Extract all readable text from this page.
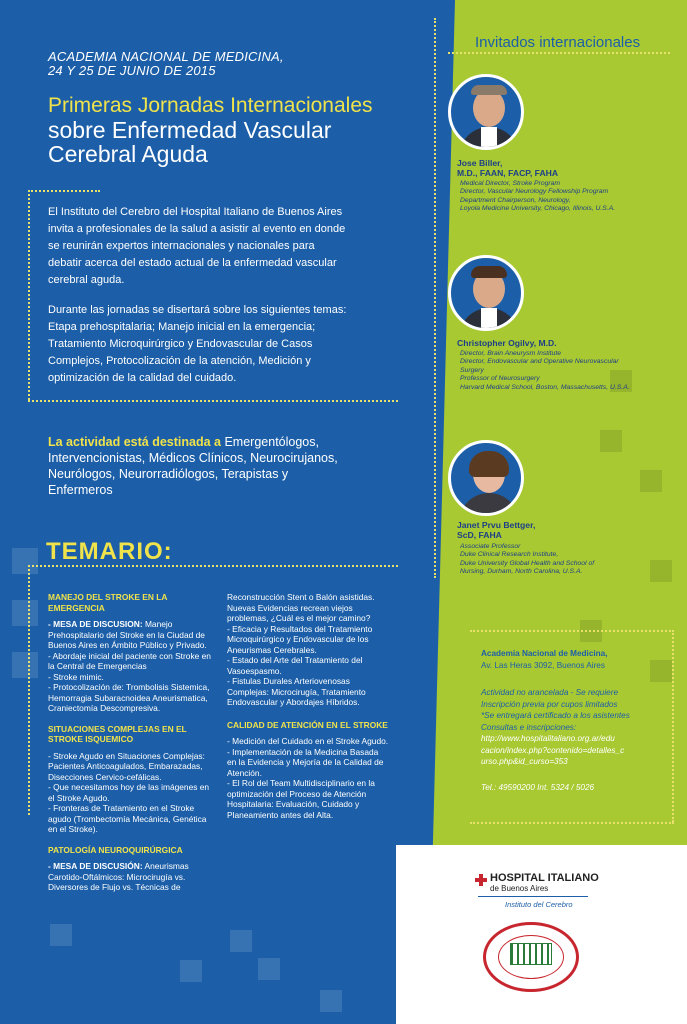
ACADEMIA NACIONAL DE MEDICINA,
24 Y 25 DE JUNIO DE 2015
Primeras Jornadas Internacionales
sobre Enfermedad Vascular
Cerebral Aguda
El Instituto del Cerebro del Hospital Italiano de Buenos Aires invita a profesionales de la salud a asistir al evento en donde se reunirán expertos internacionales y nacionales para debatir acerca del estado actual de la enfermedad vascular cerebral aguda.
Durante las jornadas se disertará sobre los siguientes temas: Etapa prehospitalaria; Manejo inicial en la emergencia; Tratamiento Microquirúrgico y Endovascular de Casos Complejos, Protocolización de la atención, Medición y optimización de la calidad del cuidado.
La actividad está destinada a Emergentólogos, Intervencionistas, Médicos Clínicos, Neurocirujanos, Neurólogos, Neurorradiólogos, Terapistas y Enfermeros
TEMARIO:
MANEJO DEL STROKE EN LA EMERGENCIA

- MESA DE DISCUSION: Manejo Prehospitalario del Stroke en la Ciudad de Buenos Aires en Ámbito Público y Privado.

- Abordaje inicial del paciente con Stroke en la Central de Emergencias

- Stroke mimic.

- Protocolización de: Trombolisis Sistemica, Hemorragia Subaracnoidea Aneurismatica, Craniectomía Descompresiva.

SITUACIONES COMPLEJAS EN EL STROKE ISQUEMICO

- Stroke Agudo en Situaciones Complejas: Pacientes Anticoagulados, Embarazadas, Disecciones Cervico-cefálicas.

- Que necesitamos hoy de las imágenes en el Stroke Agudo.

- Fronteras de Tratamiento en el Stroke agudo (Trombectomía Mecánica, Genética en el Stroke).

PATOLOGÍA NEUROQUIRÚRGICA

- MESA DE DISCUSIÓN: Aneurismas Carotido-Oftálmicos: Microcirugía vs. Diversores de Flujo vs. Técnicas de

Reconstrucción Stent o Balón asistidas.

Nuevas Evidencias recrean viejos problemas, ¿Cuál es el mejor camino?

- Eficacia y Resultados del Tratamiento Microquirúrgico y Endovascular de los Aneurismas Cerebrales.

- Estado del Arte del Tratamiento del Vasoespasmo.

- Fistulas Durales Arteriovenosas Complejas: Microcirugía, Tratamiento Endovascular y Abordajes Híbridos.

CALIDAD DE ATENCIÓN EN EL STROKE

- Medición del Cuidado en el Stroke Agudo.

- Implementación de la Medicina Basada en la Evidencia y Mejoría de la Calidad de Atención.

- El Rol del Team Multidisciplinario en la optimización del Proceso de Atención Hospitalaria: Evaluación, Cuidado y Planeamiento antes del Alta.

Invitados internacionales
Jose Biller,
M.D., FAAN, FACP, FAHA
Medical Director, Stroke Program
Director, Vascular Neurology Fellowship Program
Department Chairperson, Neurology,
Loyola Medicine University, Chicago, Illinois, U.S.A.
Christopher Ogilvy, M.D.
Director, Brain Aneurysm Institute
Director, Endovascular and Operative Neurovascular
Surgery
Professor of Neurosurgery
Harvard Medical School, Boston, Massachusetts, U.S.A.
Janet Prvu Bettger,
ScD, FAHA
Associate Professor
Duke Clinical Research Institute,
Duke University Global Health and School of
Nursing, Durham, North Carolina, U.S.A.
Academia Nacional de Medicina,
Av. Las Heras 3092, Buenos Aires
Actividad no arancelada - Se requiere
Inscripción previa por cupos limitados
*Se entregará certificado a los asistentes
Consultas e inscripciones:
http://www.hospitalitaliano.org.ar/edu
cacion/index.php?contenido=detalles_c
urso.php&id_curso=353
Tel.: 49590200 Int. 5324 / 5026
HOSPITAL ITALIANO
de Buenos Aires
Instituto del Cerebro
